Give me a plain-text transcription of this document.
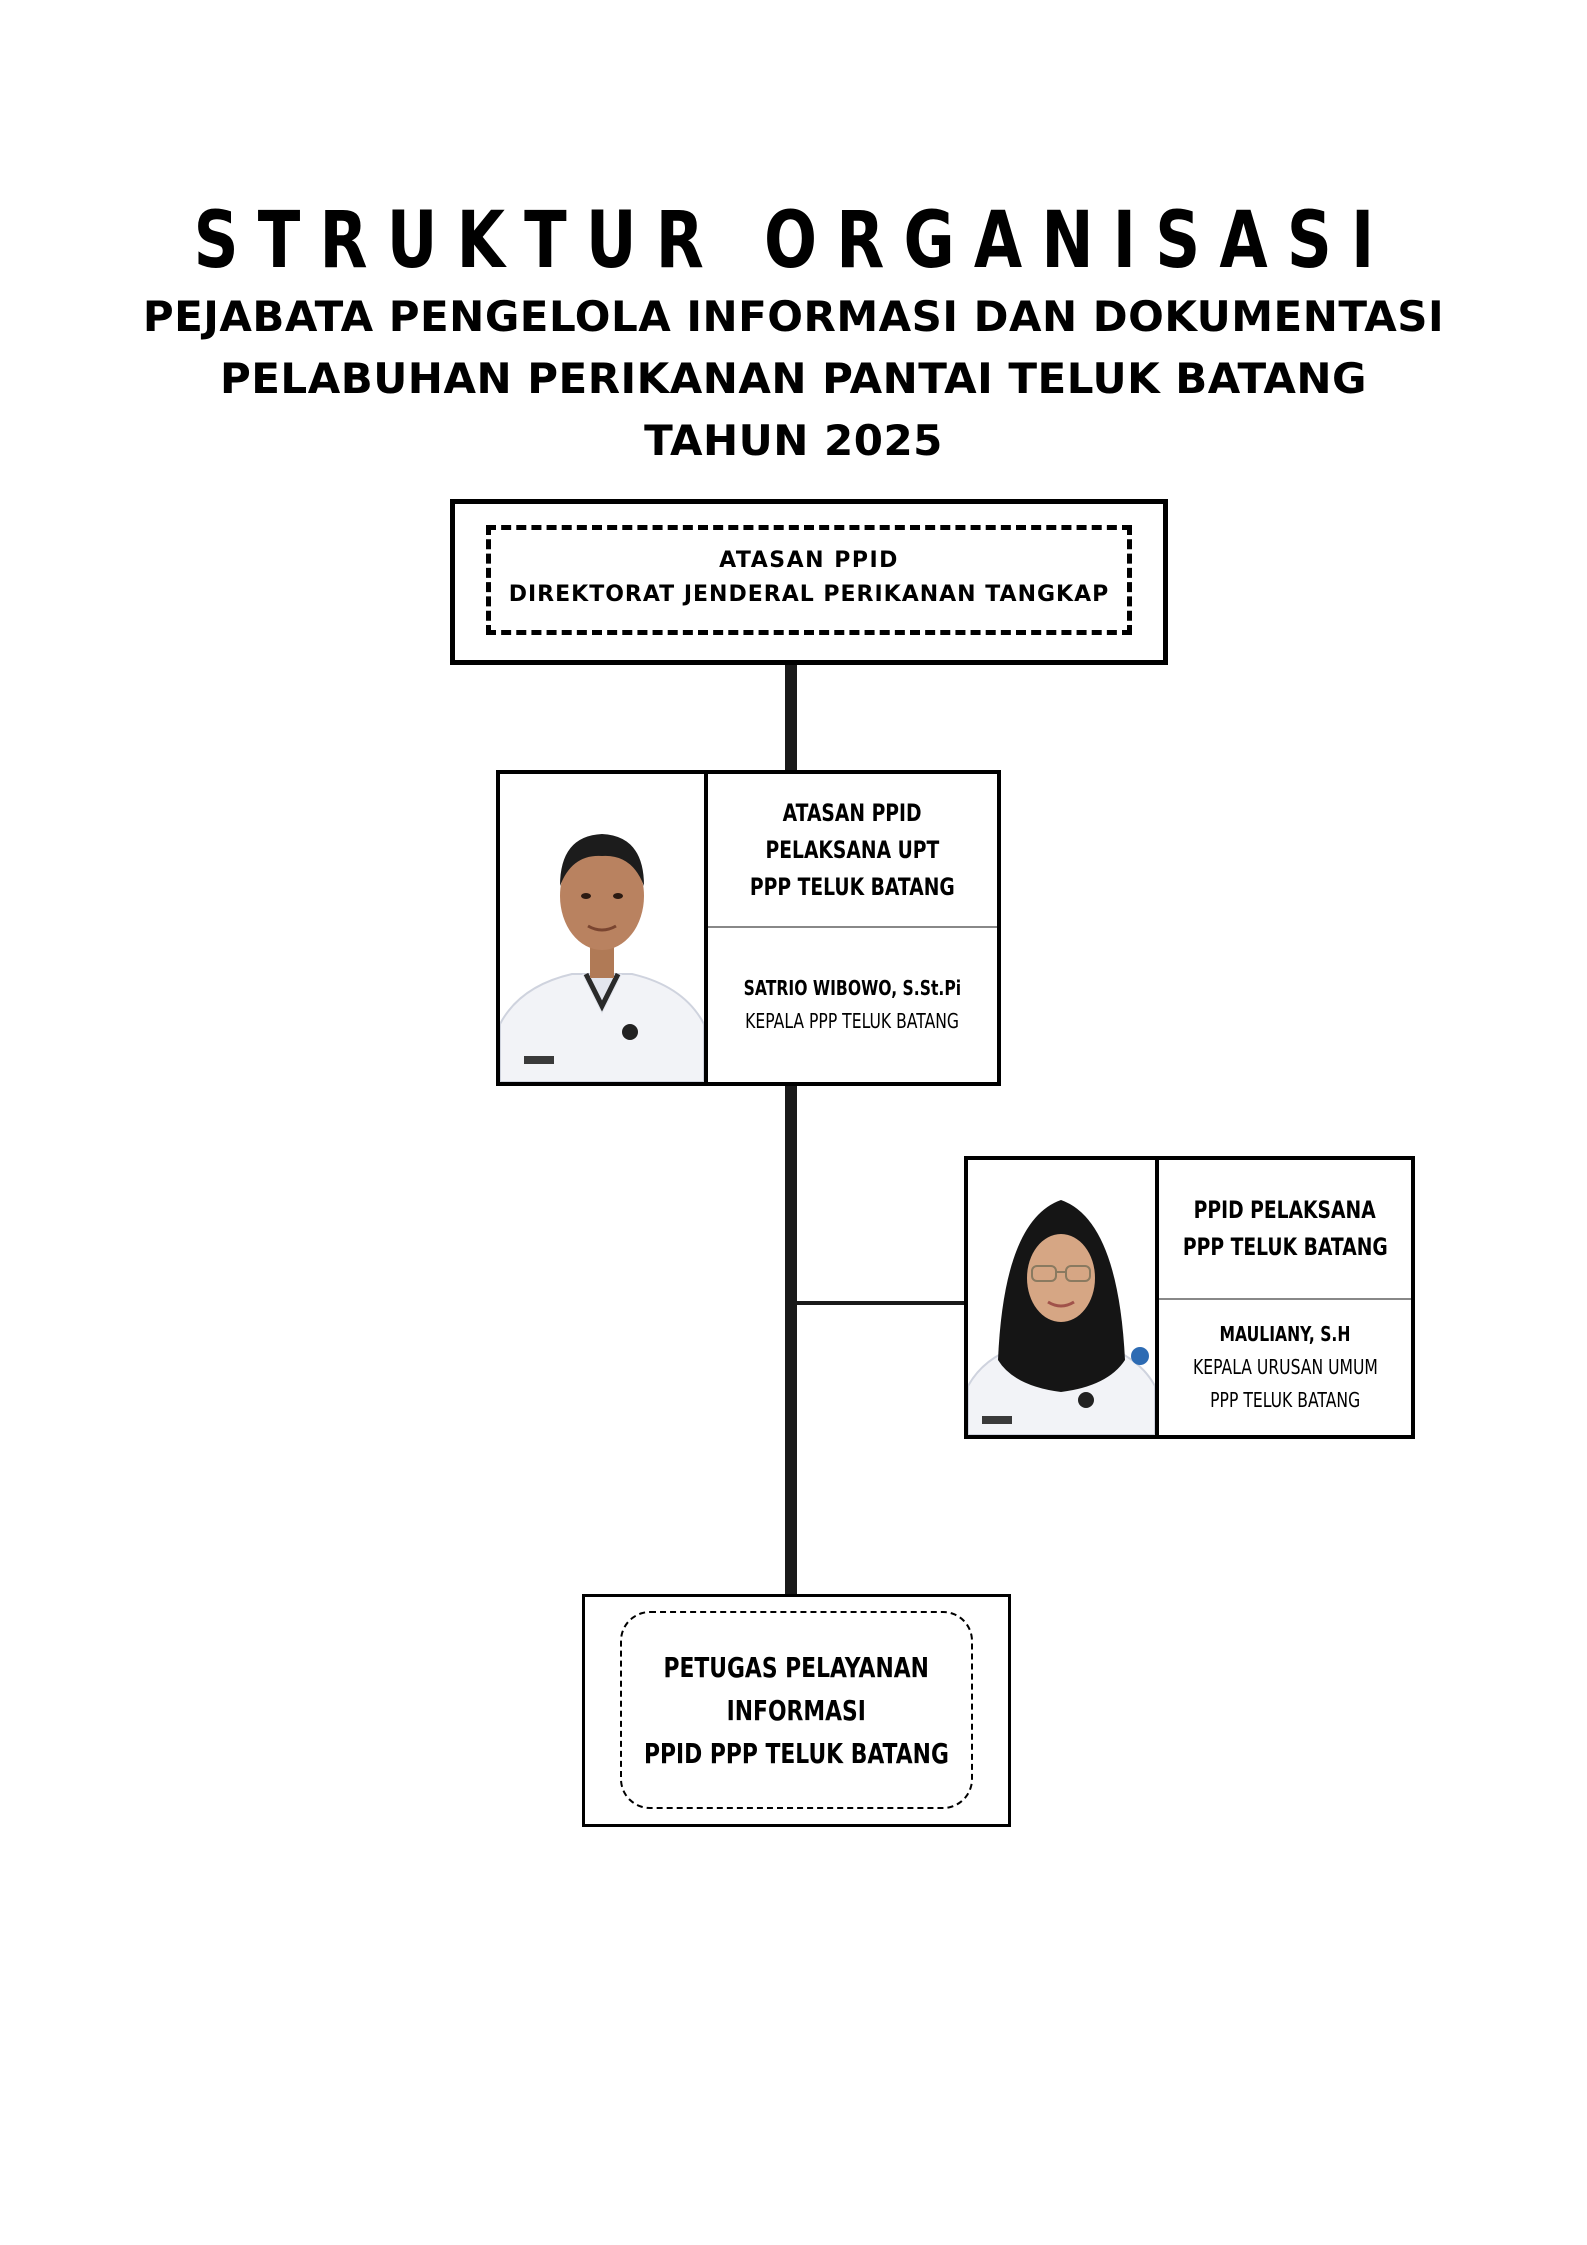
STRUKTUR ORGANISASI
PEJABATA PENGELOLA INFORMASI DAN DOKUMENTASI
PELABUHAN PERIKANAN PANTAI TELUK BATANG
TAHUN 2025
ATASAN PPID
DIREKTORAT JENDERAL PERIKANAN TANGKAP
ATASAN PPID
PELAKSANA UPT
PPP TELUK BATANG
SATRIO WIBOWO, S.St.Pi
KEPALA PPP TELUK BATANG
PPID PELAKSANA
PPP TELUK BATANG
MAULIANY, S.H
KEPALA URUSAN UMUM
PPP TELUK BATANG
PETUGAS PELAYANAN
INFORMASI
PPID PPP TELUK BATANG
